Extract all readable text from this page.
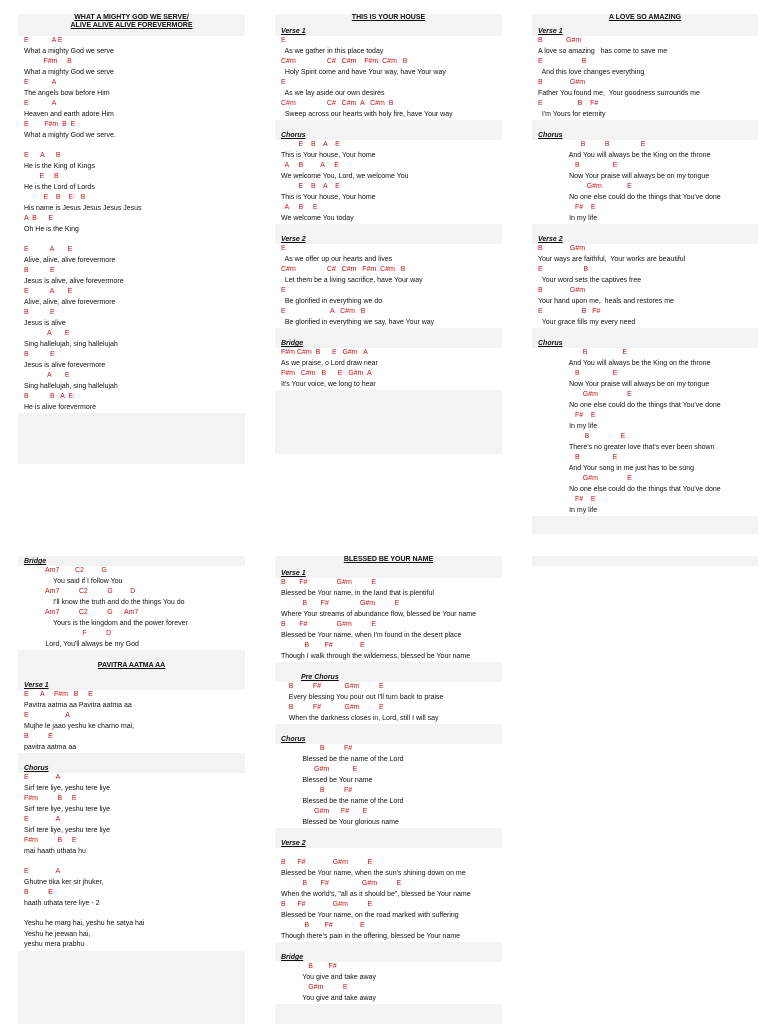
WHAT A MIGHTY GOD WE SERVE/
ALIVE ALIVE ALIVE FOREVERMORE
E            A E
What a mighty God we serve
F#m     B
What a mighty God we serve
E            A
The angels bow before Him
E            A
Heaven and earth adore Him
E        F#m  B  E
What a mighty God we serve.
E      A      B
He is the King of Kings
E     B
He is the Lord of Lords
E    B    E    B
His name is Jesus Jesus Jesus Jesus
A  B      E
Oh He is the King
E           A       E
Alive, alive, alive forevermore
B           E
Jesus is alive, alive forevermore
E           A       E
Alive, alive, alive forevermore
B           E
Jesus is alive
A       E
Sing hallelujah, sing hallelujah
B           E
Jesus is alive forevermore
A       E
Sing hallelujah, sing hallelujah
B           B   A  E
He is alive forevermore
THIS IS YOUR HOUSE
Verse 1
E
As we gather in this place today
C#m                C#   C#m    F#m  C#m   B
Holy Spirit come and have Your way, have Your way
E
As we lay aside our own desires
C#m                C#   C#m  A   C#m  B
Sweep across our hearts with holy fire, have Your way
Chorus
E    B    A    E
This is Your house, Your home
A     B         A     E
We welcome You, Lord, we welcome You
E    B    A    E
This is Your house, Your home
A     B     E
We welcome You today
Verse 2
E
As we offer up our hearts and lives
C#m                C#   C#m   F#m  C#m   B
Let them be a living sacrifice, have Your way
E
Be glorified in everything we do
E                       A   C#m   B
Be glorified in everything we say, have Your way
Bridge
F#m C#m  B      E   G#m   A
As we praise, o Lord draw near
F#m   C#m   B      E   G#m  A
It's Your voice, we long to hear
A LOVE SO AMAZING
Verse 1
B            G#m
A love so amazing   has come to save me
E                    B
And this love changes everything
B              G#m
Father You found me,  Your goodness surrounds me
E                  B    F#
I'm Yours for eternity
Chorus
B          B                E
And You will always be the King on the throne
B                 E
Now Your praise will always be on my tongue
G#m             E
No one else could do the things that You've done
F#    E
In my life
Verse 2
B              G#m
Your ways are faithful,  Your works are beautiful
E                     B
Your word sets the captives free
B              G#m
Your hand upon me,  heals and restores me
E                    B   F#
Your grace fills my every need
Chorus
B                  E
And You will always be the King on the throne
B                 E
Now Your praise will always be on my tongue
G#m               E
No one else could do the things that You've done
F#    E
In my life
B                E
There's no greater love that's ever been shown
B                 E
And Your song in me just has to be sung
G#m               E
No one else could do the things that You've done
F#    E
In my life
Bridge
Am7        C2         G
You said if I follow You
Am7          C2          G         D
I'll know the truth and do the things You do
Am7          C2          G      Am7
Yours is the kingdom and the power forever
F          D
Lord, You'll always be my God
PAVITRA AATMA AA
Verse 1
E      A     F#m   B     E
Pavitra aatma aa Pavitra aatma aa
E                   A
Mujhe le jaao yeshu ke charno mai,
B          E
pavitra aatma aa
Chorus
E              A
Sirf tere liye, yeshu tere liye
F#m          B     E
Sirf tere liye, yeshu tere liye
E              A
Sirf tere liye, yeshu tere liye
F#m          B     E
mai haath uthata hu
E              A
Ghutne tika ker sir jhuker,
B          E
haath uthata tere liye - 2
Yeshu he marg hai, yeshu he satya hai
Yeshu he jeewan hai,
yeshu mera prabhu
BLESSED BE YOUR NAME
Verse 1
B       F#               G#m          E
Blessed be Your name, in the land that is plentiful
B       F#                G#m          E
Where Your streams of abundance flow, blessed be Your name
B       F#               G#m          E
Blessed be Your name, when I'm found in the desert place
B        F#              E
Though I walk through the wilderness, blessed be Your name
Pre Chorus
B          F#            G#m          E
Every blessing You pour out I'll turn back to praise
B          F#            G#m          E
When the darkness closes in, Lord, still I will say
Chorus
B          F#
Blessed be the name of the Lord
G#m            E
Blessed be Your name
B          F#
Blessed be the name of the Lord
G#m      F#       E
Blessed be Your glorious name
Verse 2
B      F#              G#m          E
Blessed be Your name, when the sun's shining down on me
B       F#                 G#m          E
When the world's, "all as it should be", blessed be Your name
B      F#              G#m          E
Blessed be Your name, on the road marked with suffering
B        F#              E
Though there's pain in the offering, blessed be Your name
Bridge
B        F#
You give and take away
G#m          E
You give and take away
